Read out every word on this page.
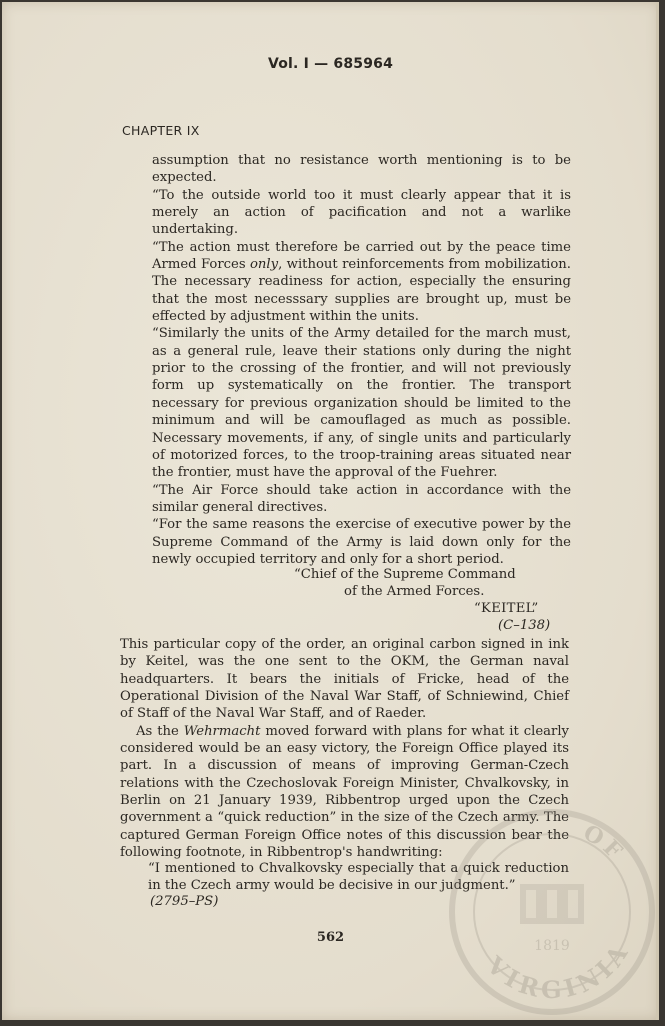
Vol. I — 685964
CHAPTER IX

assumption that no resistance worth mentioning is to be expected.

“To the outside world too it must clearly appear that it is merely an action of pacification and not a warlike undertaking.

“The action must therefore be carried out by the peace time Armed Forces only, without reinforcements from mobilization. The necessary readiness for action, especially the ensuring that the most necesssary supplies are brought up, must be effected by adjustment within the units.

“Similarly the units of the Army detailed for the march must, as a general rule, leave their stations only during the night prior to the crossing of the frontier, and will not previously form up systematically on the frontier. The transport necessary for previous organization should be limited to the minimum and will be camouflaged as much as possible. Necessary movements, if any, of single units and particularly of motorized forces, to the troop-training areas situated near the frontier, must have the approval of the Fuehrer.

“The Air Force should take action in accordance with the similar general directives.

“For the same reasons the exercise of executive power by the Supreme Command of the Army is laid down only for the newly occupied territory and only for a short period.

“Chief of the Supreme Command
of the Armed Forces.
“KEITEL”
(C–138)

This particular copy of the order, an original carbon signed in ink by Keitel, was the one sent to the OKM, the German naval headquarters. It bears the initials of Fricke, head of the Operational Division of the Naval War Staff, of Schniewind, Chief of Staff of the Naval War Staff, and of Raeder.

As the Wehrmacht moved forward with plans for what it clearly considered would be an easy victory, the Foreign Office played its part. In a discussion of means of improving German-Czech relations with the Czechoslovak Foreign Minister, Chvalkovsky, in Berlin on 21 January 1939, Ribbentrop urged upon the Czech government a “quick reduction” in the size of the Czech army. The captured German Foreign Office notes of this discussion bear the following footnote, in Ribbentrop's handwriting:

“I mentioned to Chvalkovsky especially that a quick reduction in the Czech army would be decisive in our judgment.”
(2795–PS)
562
OF
VIRGINIA
1819
